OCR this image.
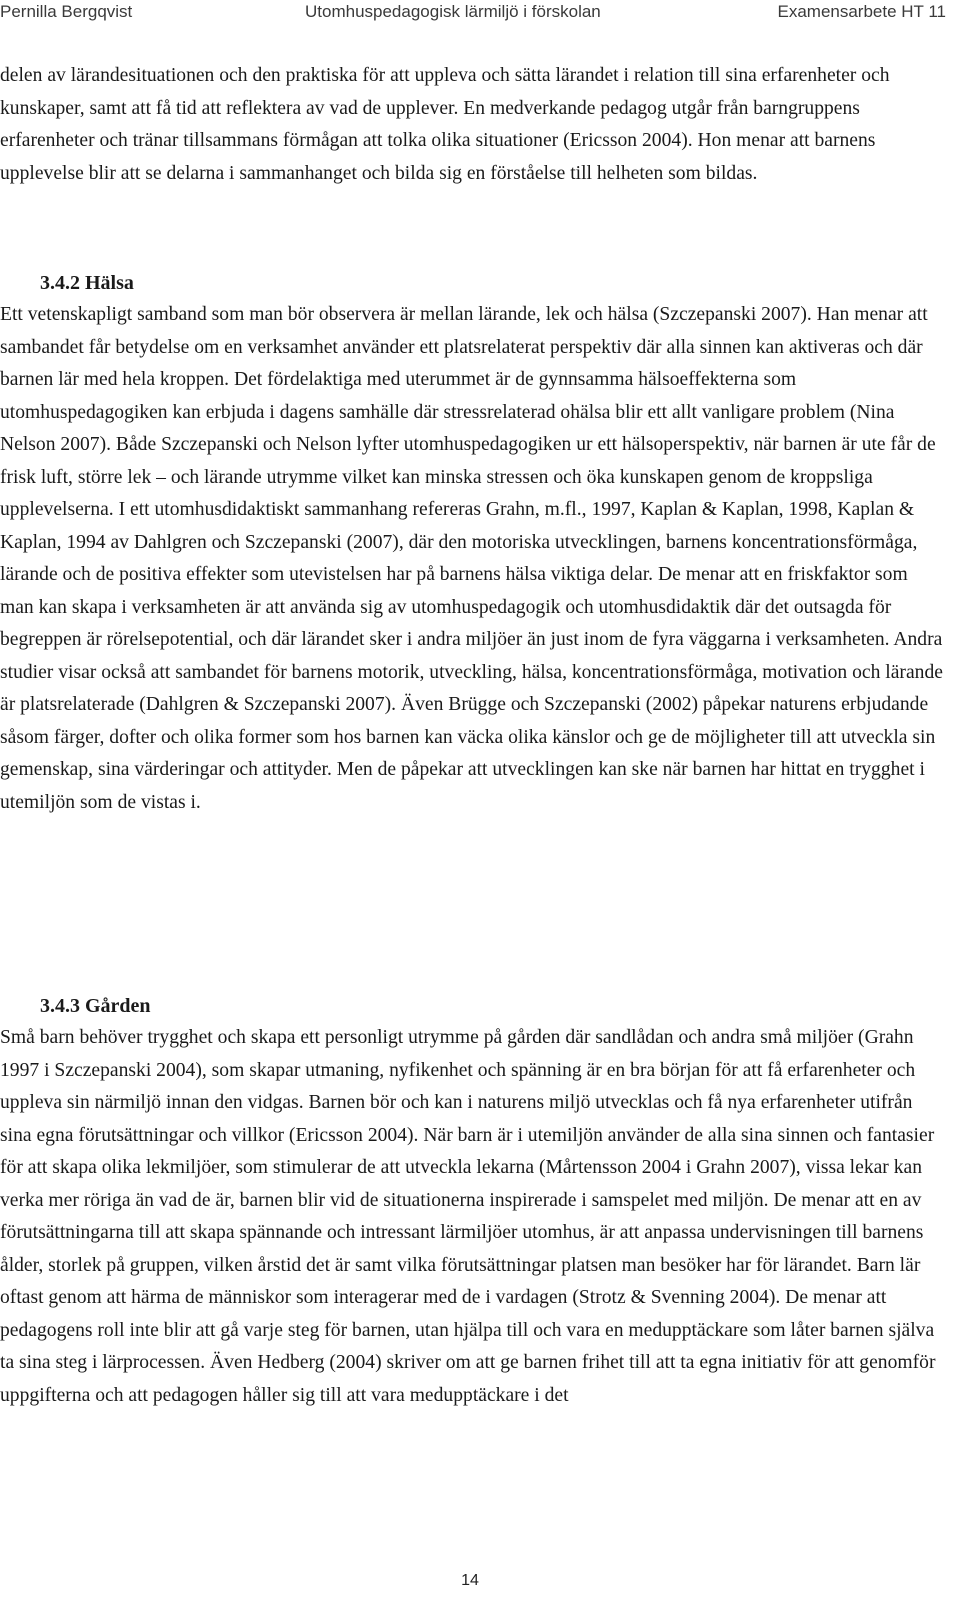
Pernilla Bergqvist	Utomhuspedagogisk lärmiljö i förskolan	Examensarbete HT 11

delen av lärandesituationen och den praktiska för att uppleva och sätta lärandet i relation till sina erfarenheter och kunskaper, samt att få tid att reflektera av vad de upplever. En medverkande pedagog utgår från barngruppens erfarenheter och tränar tillsammans förmågan att tolka olika situationer (Ericsson 2004). Hon menar att barnens upplevelse blir att se delarna i sammanhanget och bilda sig en förståelse till helheten som bildas.

3.4.2 Hälsa

Ett vetenskapligt samband som man bör observera är mellan lärande, lek och hälsa (Szczepanski 2007). Han menar att sambandet får betydelse om en verksamhet använder ett platsrelaterat perspektiv där alla sinnen kan aktiveras och där barnen lär med hela kroppen. Det fördelaktiga med uterummet är de gynnsamma hälsoeffekterna som utomhuspedagogiken kan erbjuda i dagens samhälle där stressrelaterad ohälsa blir ett allt vanligare problem (Nina Nelson 2007). Både Szczepanski och Nelson lyfter utomhuspedagogiken ur ett hälsoperspektiv, när barnen är ute får de frisk luft, större lek – och lärande utrymme vilket kan minska stressen och öka kunskapen genom de kroppsliga upplevelserna. I ett utomhusdidaktiskt sammanhang refereras Grahn, m.fl., 1997, Kaplan & Kaplan, 1998, Kaplan & Kaplan, 1994 av Dahlgren och Szczepanski (2007), där den motoriska utvecklingen, barnens koncentrationsförmåga, lärande och de positiva effekter som utevistelsen har på barnens hälsa viktiga delar. De menar att en friskfaktor som man kan skapa i verksamheten är att använda sig av utomhuspedagogik och utomhusdidaktik där det outsagda för begreppen är rörelsepotential, och där lärandet sker i andra miljöer än just inom de fyra väggarna i verksamheten. Andra studier visar också att sambandet för barnens motorik, utveckling, hälsa, koncentrationsförmåga, motivation och lärande är platsrelaterade (Dahlgren & Szczepanski 2007). Även Brügge och Szczepanski (2002) påpekar naturens erbjudande såsom färger, dofter och olika former som hos barnen kan väcka olika känslor och ge de möjligheter till att utveckla sin gemenskap, sina värderingar och attityder. Men de påpekar att utvecklingen kan ske när barnen har hittat en trygghet i utemiljön som de vistas i.

3.4.3 Gården

Små barn behöver trygghet och skapa ett personligt utrymme på gården där sandlådan och andra små miljöer (Grahn 1997 i Szczepanski 2004), som skapar utmaning, nyfikenhet och spänning är en bra början för att få erfarenheter och uppleva sin närmiljö innan den vidgas. Barnen bör och kan i naturens miljö utvecklas och få nya erfarenheter utifrån sina egna förutsättningar och villkor (Ericsson 2004). När barn är i utemiljön använder de alla sina sinnen och fantasier för att skapa olika lekmiljöer, som stimulerar de att utveckla lekarna (Mårtensson 2004 i Grahn 2007), vissa lekar kan verka mer röriga än vad de är, barnen blir vid de situationerna inspirerade i samspelet med miljön. De menar att en av förutsättningarna till att skapa spännande och intressant lärmiljöer utomhus, är att anpassa undervisningen till barnens ålder, storlek på gruppen, vilken årstid det är samt vilka förutsättningar platsen man besöker har för lärandet. Barn lär oftast genom att härma de människor som interagerar med de i vardagen (Strotz & Svenning 2004). De menar att pedagogens roll inte blir att gå varje steg för barnen, utan hjälpa till och vara en medupptäckare som låter barnen själva ta sina steg i lärprocessen. Även Hedberg (2004) skriver om att ge barnen frihet till att ta egna initiativ för att genomför uppgifterna och att pedagogen håller sig till att vara medupptäckare i det

14
